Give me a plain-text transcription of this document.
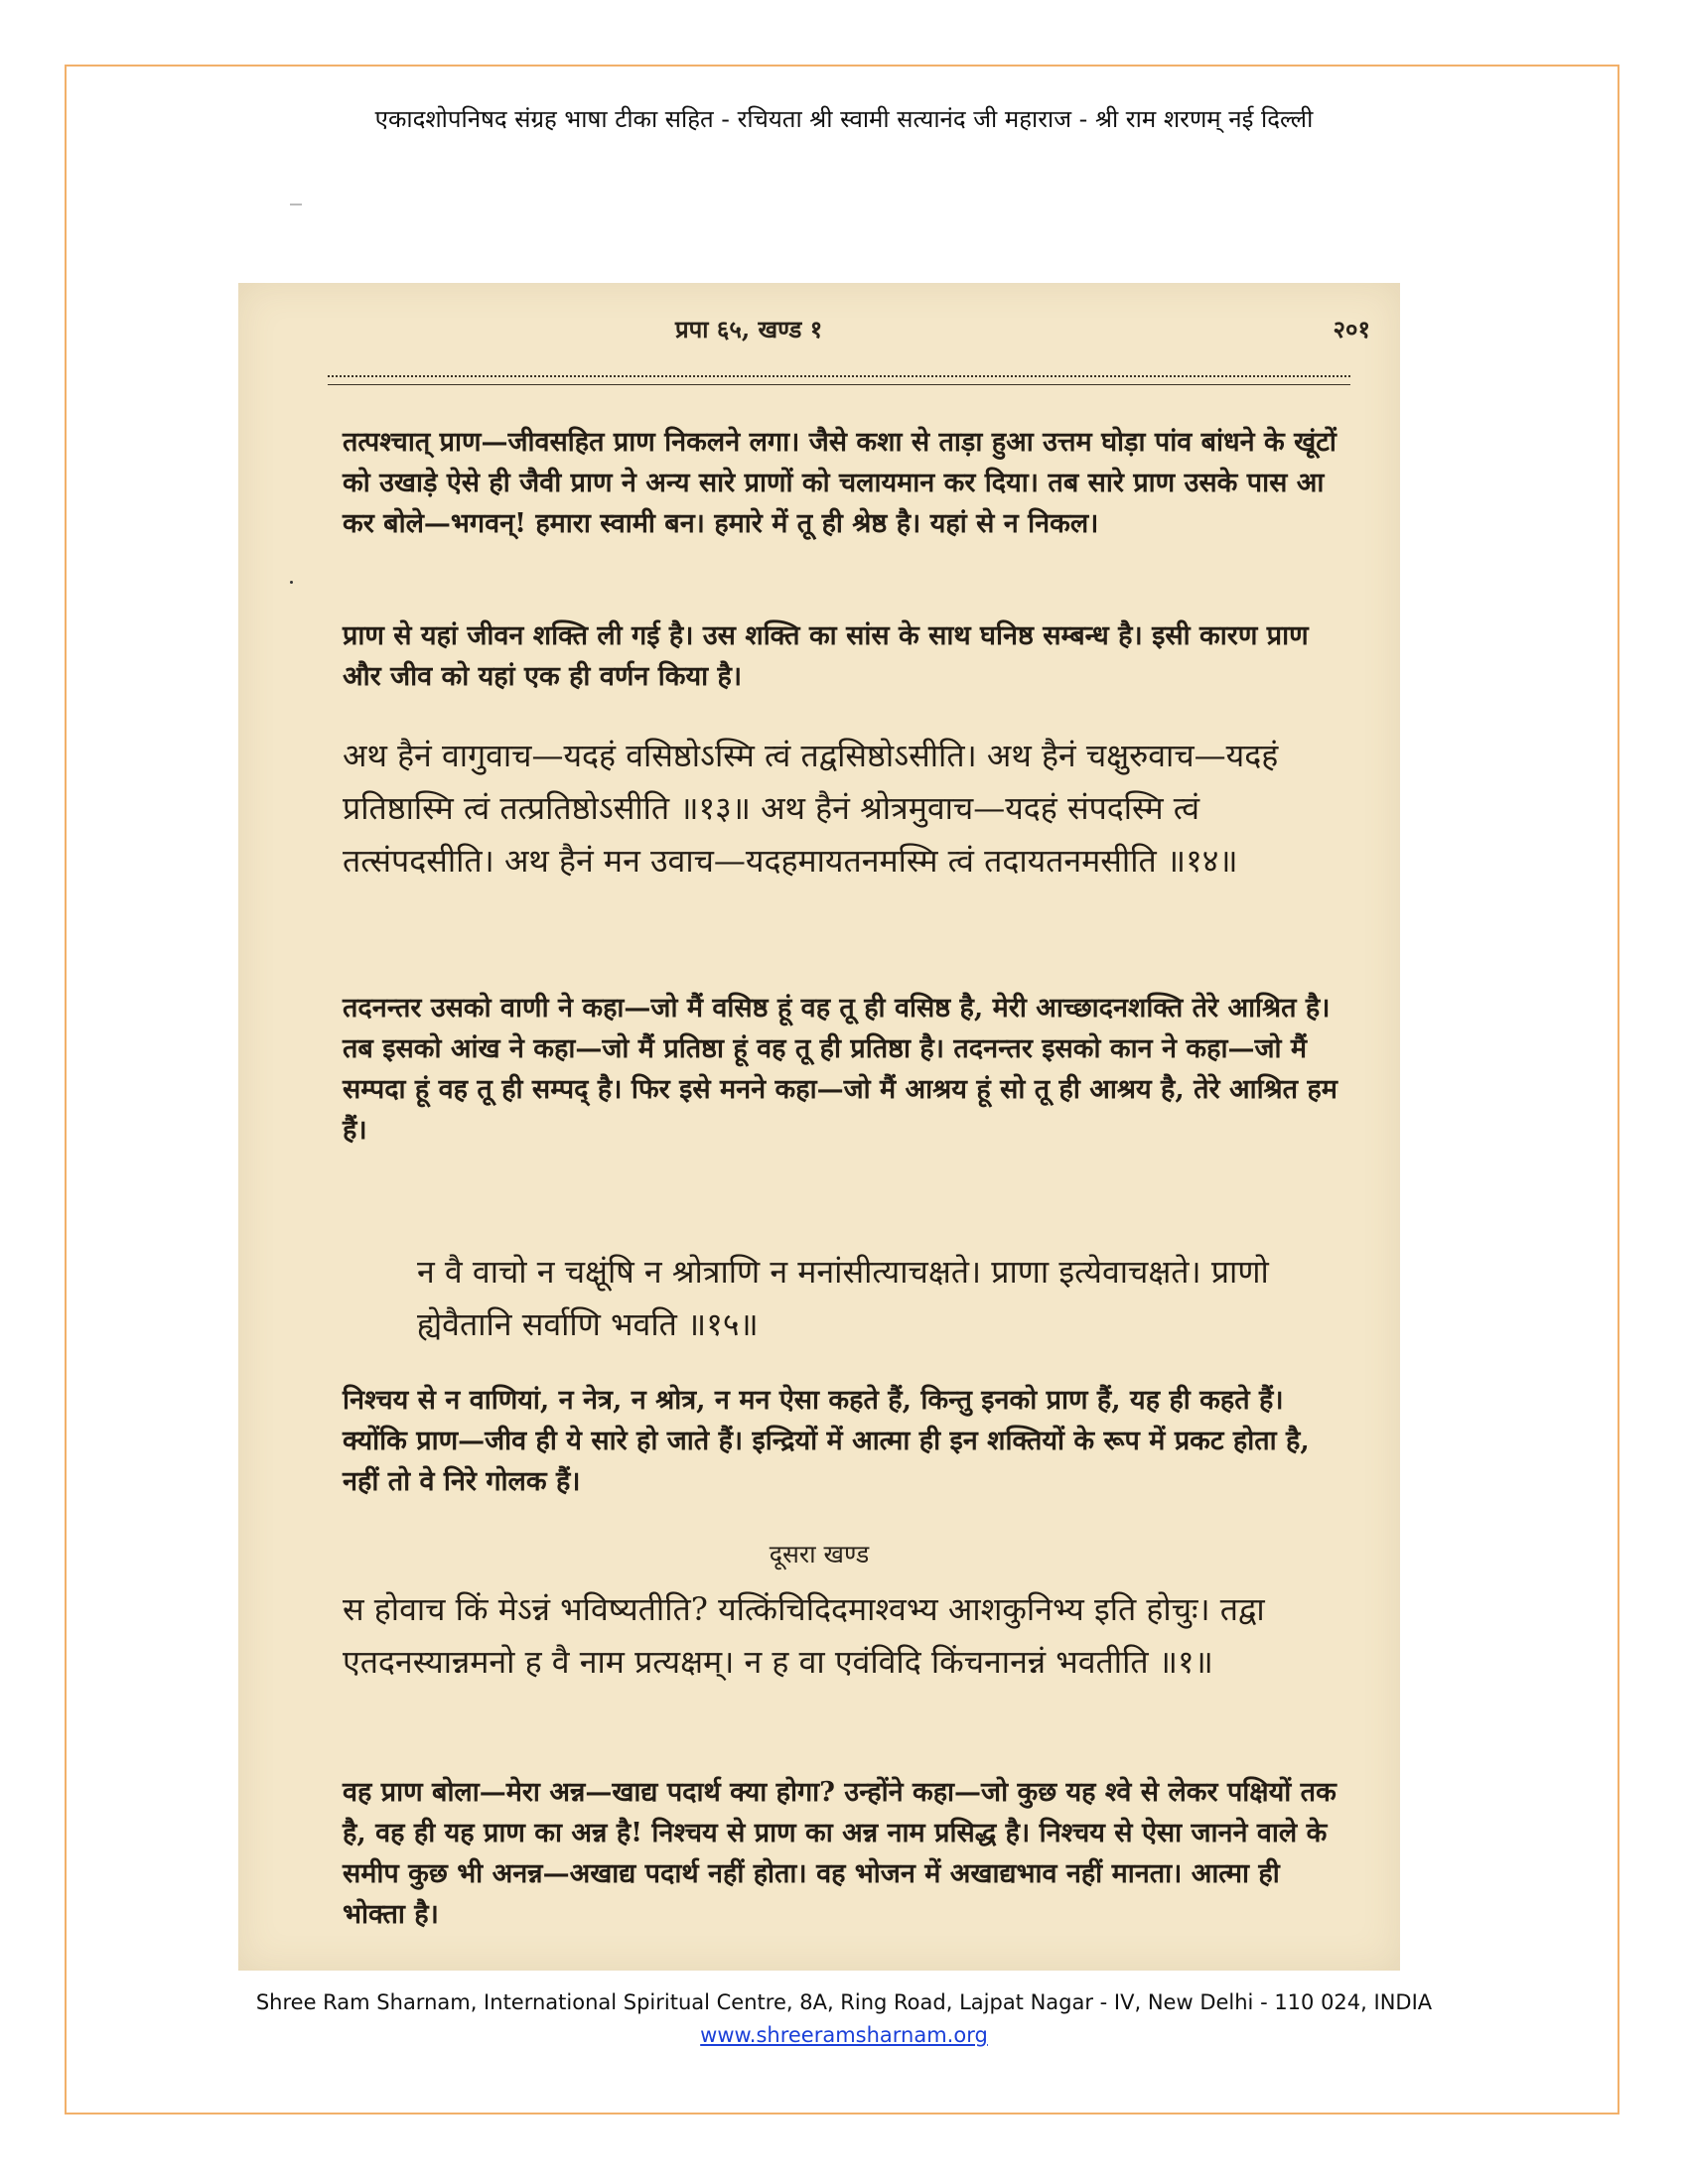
एकादशोपनिषद संग्रह भाषा टीका सहित - रचियता श्री स्वामी सत्यानंद जी महाराज - श्री राम शरणम् नई दिल्ली
प्रपा ६५, खण्ड १	२०१

तत्पश्चात् प्राण—जीवसहित प्राण निकलने लगा। जैसे कशा से ताड़ा हुआ उत्तम घोड़ा पांव बांधने के खूंटों को उखाड़े ऐसे ही जैवी प्राण ने अन्य सारे प्राणों को चलायमान कर दिया। तब सारे प्राण उसके पास आ कर बोले—भगवन्! हमारा स्वामी बन। हमारे में तू ही श्रेष्ठ है। यहां से न निकल।

प्राण से यहां जीवन शक्ति ली गई है। उस शक्ति का सांस के साथ घनिष्ठ सम्बन्ध है। इसी कारण प्राण और जीव को यहां एक ही वर्णन किया है।

अथ हैनं वागुवाच—यदहं वसिष्ठोऽस्मि त्वं तद्वसिष्ठोऽसीति। अथ हैनं चक्षुरुवाच—यदहं प्रतिष्ठास्मि त्वं तत्प्रतिष्ठोऽसीति ॥१३॥ अथ हैनं श्रोत्रमुवाच—यदहं संपदस्मि त्वं तत्संपदसीति। अथ हैनं मन उवाच—यदहमायतनमस्मि त्वं तदायतनमसीति ॥१४॥

तदनन्तर उसको वाणी ने कहा—जो मैं वसिष्ठ हूं वह तू ही वसिष्ठ है, मेरी आच्छादनशक्ति तेरे आश्रित है। तब इसको आंख ने कहा—जो मैं प्रतिष्ठा हूं वह तू ही प्रतिष्ठा है। तदनन्तर इसको कान ने कहा—जो मैं सम्पदा हूं वह तू ही सम्पद् है। फिर इसे मनने कहा—जो मैं आश्रय हूं सो तू ही आश्रय है, तेरे आश्रित हम हैं।

न वै वाचो न चक्षूंषि न श्रोत्राणि न मनांसीत्याचक्षते। प्राणा इत्येवाचक्षते। प्राणो ह्येवैतानि सर्वाणि भवति ॥१५॥

निश्चय से न वाणियां, न नेत्र, न श्रोत्र, न मन ऐसा कहते हैं, किन्तु इनको प्राण हैं, यह ही कहते हैं। क्योंकि प्राण—जीव ही ये सारे हो जाते हैं। इन्द्रियों में आत्मा ही इन शक्तियों के रूप में प्रकट होता है, नहीं तो वे निरे गोलक हैं।

दूसरा खण्ड

स होवाच किं मेऽन्नं भविष्यतीति? यत्किंचिदिदमाश्वभ्य आशकुनिभ्य इति होचुः। तद्वा एतदनस्यान्नमनो ह वै नाम प्रत्यक्षम्। न ह वा एवंविदि किंचनानन्नं भवतीति ॥१॥

वह प्राण बोला—मेरा अन्न—खाद्य पदार्थ क्या होगा? उन्होंने कहा—जो कुछ यह श्वे से लेकर पक्षियों तक है, वह ही यह प्राण का अन्न है! निश्चय से प्राण का अन्न नाम प्रसिद्ध है। निश्चय से ऐसा जानने वाले के समीप कुछ भी अनन्न—अखाद्य पदार्थ नहीं होता। वह भोजन में अखाद्यभाव नहीं मानता। आत्मा ही भोक्ता है।

Shree Ram Sharnam, International Spiritual Centre, 8A, Ring Road, Lajpat Nagar - IV, New Delhi - 110 024, INDIA
www.shreeramsharnam.org
